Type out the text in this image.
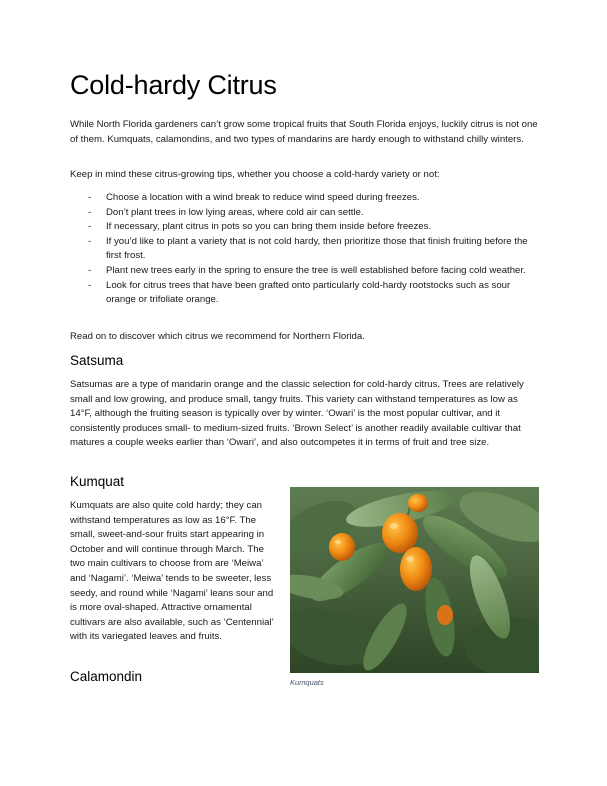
Cold-hardy Citrus

While North Florida gardeners can’t grow some tropical fruits that South Florida enjoys, luckily citrus is not one of them. Kumquats, calamondins, and two types of mandarins are hardy enough to withstand chilly winters.

Keep in mind these citrus-growing tips, whether you choose a cold-hardy variety or not:

- Choose a location with a wind break to reduce wind speed during freezes.
- Don’t plant trees in low lying areas, where cold air can settle.
- If necessary, plant citrus in pots so you can bring them inside before freezes.
- If you’d like to plant a variety that is not cold hardy, then prioritize those that finish fruiting before the first frost.
- Plant new trees early in the spring to ensure the tree is well established before facing cold weather.
- Look for citrus trees that have been grafted onto particularly cold-hardy rootstocks such as sour orange or trifoliate orange.

Read on to discover which citrus we recommend for Northern Florida.

Satsuma

Satsumas are a type of mandarin orange and the classic selection for cold-hardy citrus. Trees are relatively small and low growing, and produce small, tangy fruits. This variety can withstand temperatures as low as 14°F, although the fruiting season is typically over by winter. ‘Owari’ is the most popular cultivar, and it consistently produces small- to medium-sized fruits. ‘Brown Select’ is another readily available cultivar that matures a couple weeks earlier than ‘Owari’, and also outcompetes it in terms of fruit and tree size.

Kumquat

Kumquats are also quite cold hardy; they can withstand temperatures as low as 16°F. The small, sweet-and-sour fruits start appearing in October and will continue through March. The two main cultivars to choose from are ‘Meiwa’ and ‘Nagami’. ‘Meiwa’ tends to be sweeter, less seedy, and round while ‘Nagami’ leans sour and is more oval-shaped. Attractive ornamental cultivars are also available, such as ‘Centennial’ with its variegated leaves and fruits.

Calamondin	Kumquats
